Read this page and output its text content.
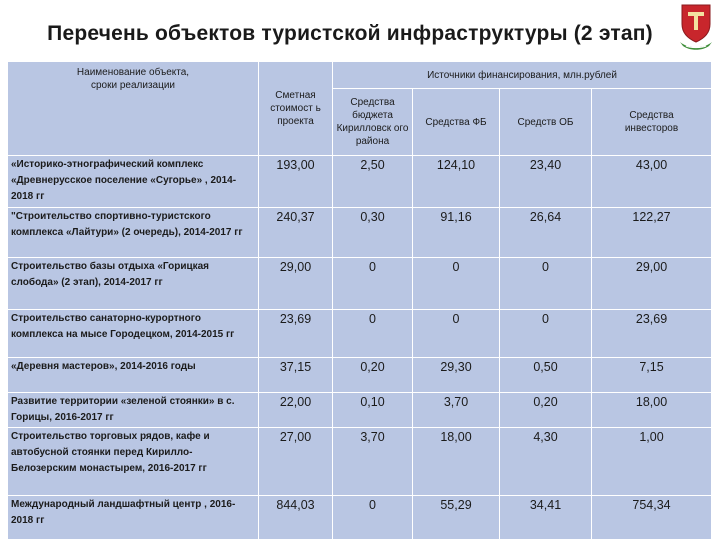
Перечень объектов туристской инфраструктуры (2 этап)
Наименование объекта,
сроки реализации	Сметная стоимост ь проекта	Источники финансирования, млн.рублей			
		Средства бюджета Кирилловск ого района	Средства ФБ	Средств ОБ	Средства инвесторов
«Историко-этнографический комплекс «Древнерусское поселение «Сугорье» , 2014-2018 гг	193,00	2,50	124,10	23,40	43,00
"Строительство спортивно-туристского комплекса «Лайтури» (2 очередь), 2014-2017 гг	240,37	0,30	91,16	26,64	122,27
Строительство базы отдыха «Горицкая слобода» (2 этап), 2014-2017 гг	29,00	0	0	0	29,00
Строительство санаторно-курортного комплекса на мысе Городецком, 2014-2015 гг	23,69	0	0	0	23,69
«Деревня мастеров», 2014-2016 годы	37,15	0,20	29,30	0,50	7,15
Развитие территории «зеленой стоянки» в с. Горицы, 2016-2017 гг	22,00	0,10	3,70	0,20	18,00
Строительство торговых рядов, кафе и автобусной стоянки перед Кирилло-Белозерским монастырем, 2016-2017 гг	27,00	3,70	18,00	4,30	1,00
Международный ландшафтный центр , 2016-2018 гг	844,03	0	55,29	34,41	754,34
